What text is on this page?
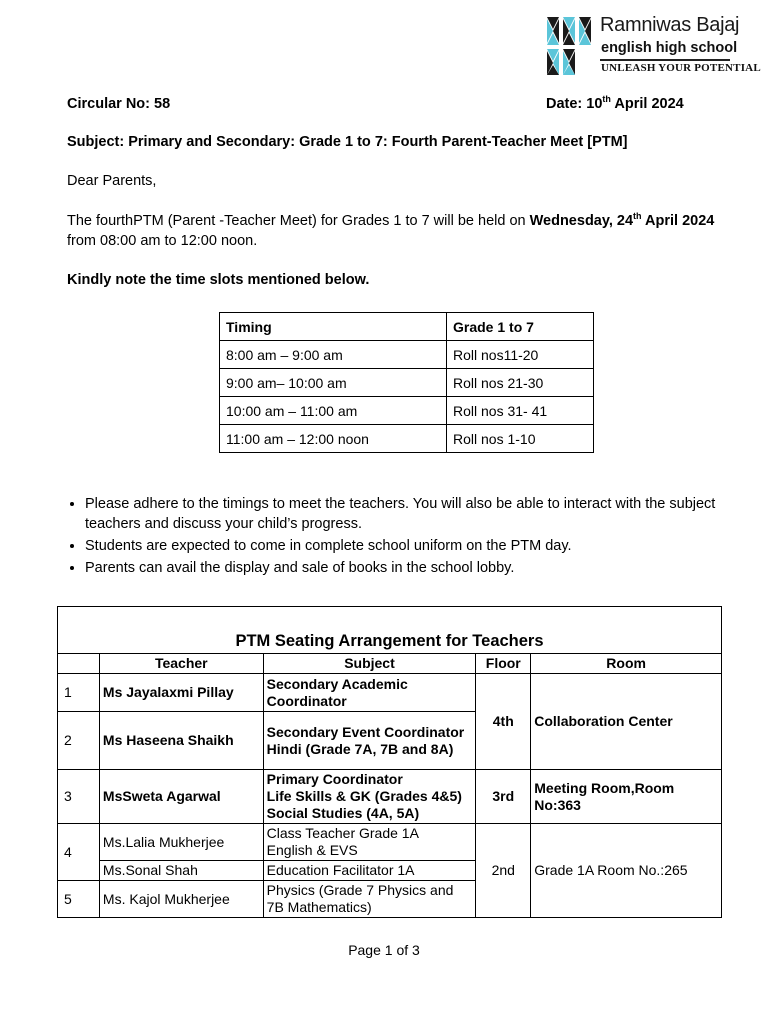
Ramniwas Bajaj
english high school
UNLEASH YOUR POTENTIAL
Circular No: 58	Date: 10th April 2024
Subject: Primary and Secondary: Grade 1 to 7: Fourth Parent-Teacher Meet [PTM]
Dear Parents,
The fourthPTM (Parent -Teacher Meet) for Grades 1 to 7 will be held on Wednesday, 24th April 2024
from 08:00 am to 12:00 noon.
Kindly note the time slots mentioned below.
Timing	Grade 1 to 7
8:00 am – 9:00 am	Roll nos11-20
9:00 am– 10:00 am	Roll nos 21-30
10:00 am – 11:00 am	Roll nos 31- 41
11:00 am – 12:00 noon	Roll nos 1-10
• Please adhere to the timings to meet the teachers. You will also be able to interact with the subject teachers and discuss your child’s progress.
• Students are expected to come in complete school uniform on the PTM day.
• Parents can avail the display and sale of books in the school lobby.
PTM Seating Arrangement for Teachers				
	Teacher	Subject	Floor	Room
1	Ms Jayalaxmi Pillay	Secondary Academic Coordinator	4th	Collaboration Center
2	Ms Haseena Shaikh	Secondary Event Coordinator
Hindi (Grade 7A, 7B and 8A)		

3	MsSweta Agarwal	Primary Coordinator
Life Skills & GK (Grades 4&5) Social Studies (4A, 5A)	3rd	Meeting Room,Room No:363
4	Ms.Lalia Mukherjee	Class Teacher Grade 1A
English & EVS	2nd	Grade 1A Room No.:265
	Ms.Sonal Shah	Education Facilitator 1A		
5	Ms. Kajol Mukherjee	Physics (Grade 7 Physics and 7B Mathematics)		
Page 1 of 3
